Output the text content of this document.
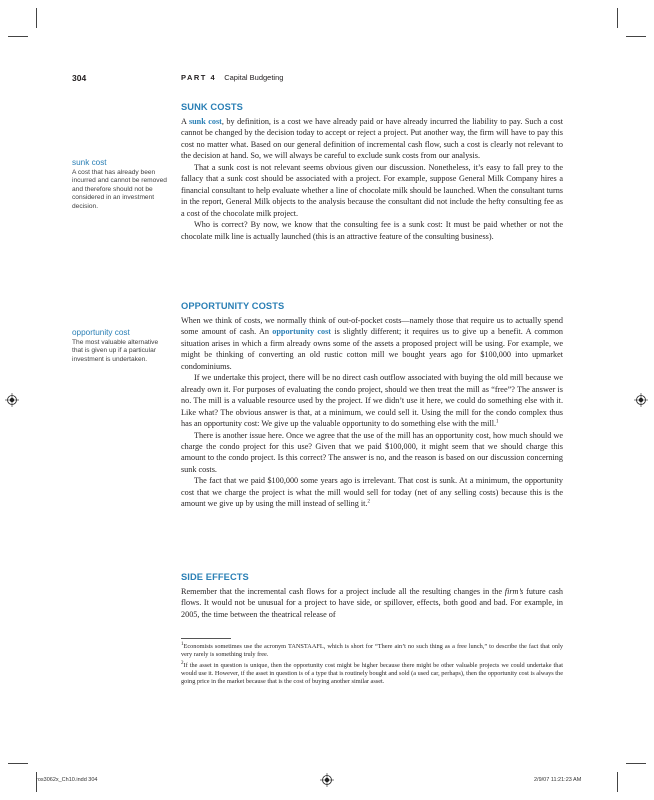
304	PART 4 Capital Budgeting
SUNK COSTS

A sunk cost, by definition, is a cost we have already paid or have already incurred the liability to pay. Such a cost cannot be changed by the decision today to accept or reject a project. Put another way, the firm will have to pay this cost no matter what. Based on our general definition of incremental cash flow, such a cost is clearly not relevant to the decision at hand. So, we will always be careful to exclude sunk costs from our analysis.

That a sunk cost is not relevant seems obvious given our discussion. Nonetheless, it’s easy to fall prey to the fallacy that a sunk cost should be associated with a project. For example, suppose General Milk Company hires a financial consultant to help evaluate whether a line of chocolate milk should be launched. When the consultant turns in the report, General Milk objects to the analysis because the consultant did not include the hefty consulting fee as a cost of the chocolate milk project.

Who is correct? By now, we know that the consulting fee is a sunk cost: It must be paid whether or not the chocolate milk line is actually launched (this is an attractive feature of the consulting business).

sunk cost
A cost that has already been incurred and cannot be removed and therefore should not be considered in an investment decision.
OPPORTUNITY COSTS

When we think of costs, we normally think of out-of-pocket costs—namely those that require us to actually spend some amount of cash. An opportunity cost is slightly different; it requires us to give up a benefit. A common situation arises in which a firm already owns some of the assets a proposed project will be using. For example, we might be thinking of converting an old rustic cotton mill we bought years ago for $100,000 into upmarket condominiums.

If we undertake this project, there will be no direct cash outflow associated with buying the old mill because we already own it. For purposes of evaluating the condo project, should we then treat the mill as “free”? The answer is no. The mill is a valuable resource used by the project. If we didn’t use it here, we could do something else with it. Like what? The obvious answer is that, at a minimum, we could sell it. Using the mill for the condo complex thus has an opportunity cost: We give up the valuable opportunity to do something else with the mill.$^1$

There is another issue here. Once we agree that the use of the mill has an opportunity cost, how much should we charge the condo project for this use? Given that we paid $100,000, it might seem that we should charge this amount to the condo project. Is this correct? The answer is no, and the reason is based on our discussion concerning sunk costs.

The fact that we paid $100,000 some years ago is irrelevant. That cost is sunk. At a minimum, the opportunity cost that we charge the project is what the mill would sell for today (net of any selling costs) because this is the amount we give up by using the mill instead of selling it.$^2$

opportunity cost
The most valuable alternative that is given up if a particular investment is undertaken.
SIDE EFFECTS

Remember that the incremental cash flows for a project include all the resulting changes in the firm’s future cash flows. It would not be unusual for a project to have side, or spillover, effects, both good and bad. For example, in 2005, the time between the theatrical release of

$^1$Economists sometimes use the acronym TANSTAAFL, which is short for “There ain’t no such thing as a free lunch,” to describe the fact that only very rarely is something truly free.

$^2$If the asset in question is unique, then the opportunity cost might be higher because there might be other valuable projects we could undertake that would use it. However, if the asset in question is of a type that is routinely bought and sold (a used car, perhaps), then the opportunity cost is always the going price in the market because that is the cost of buying another similar asset.

ros3062x_Ch10.indd 304	2/9/07 11:21:23 AM
